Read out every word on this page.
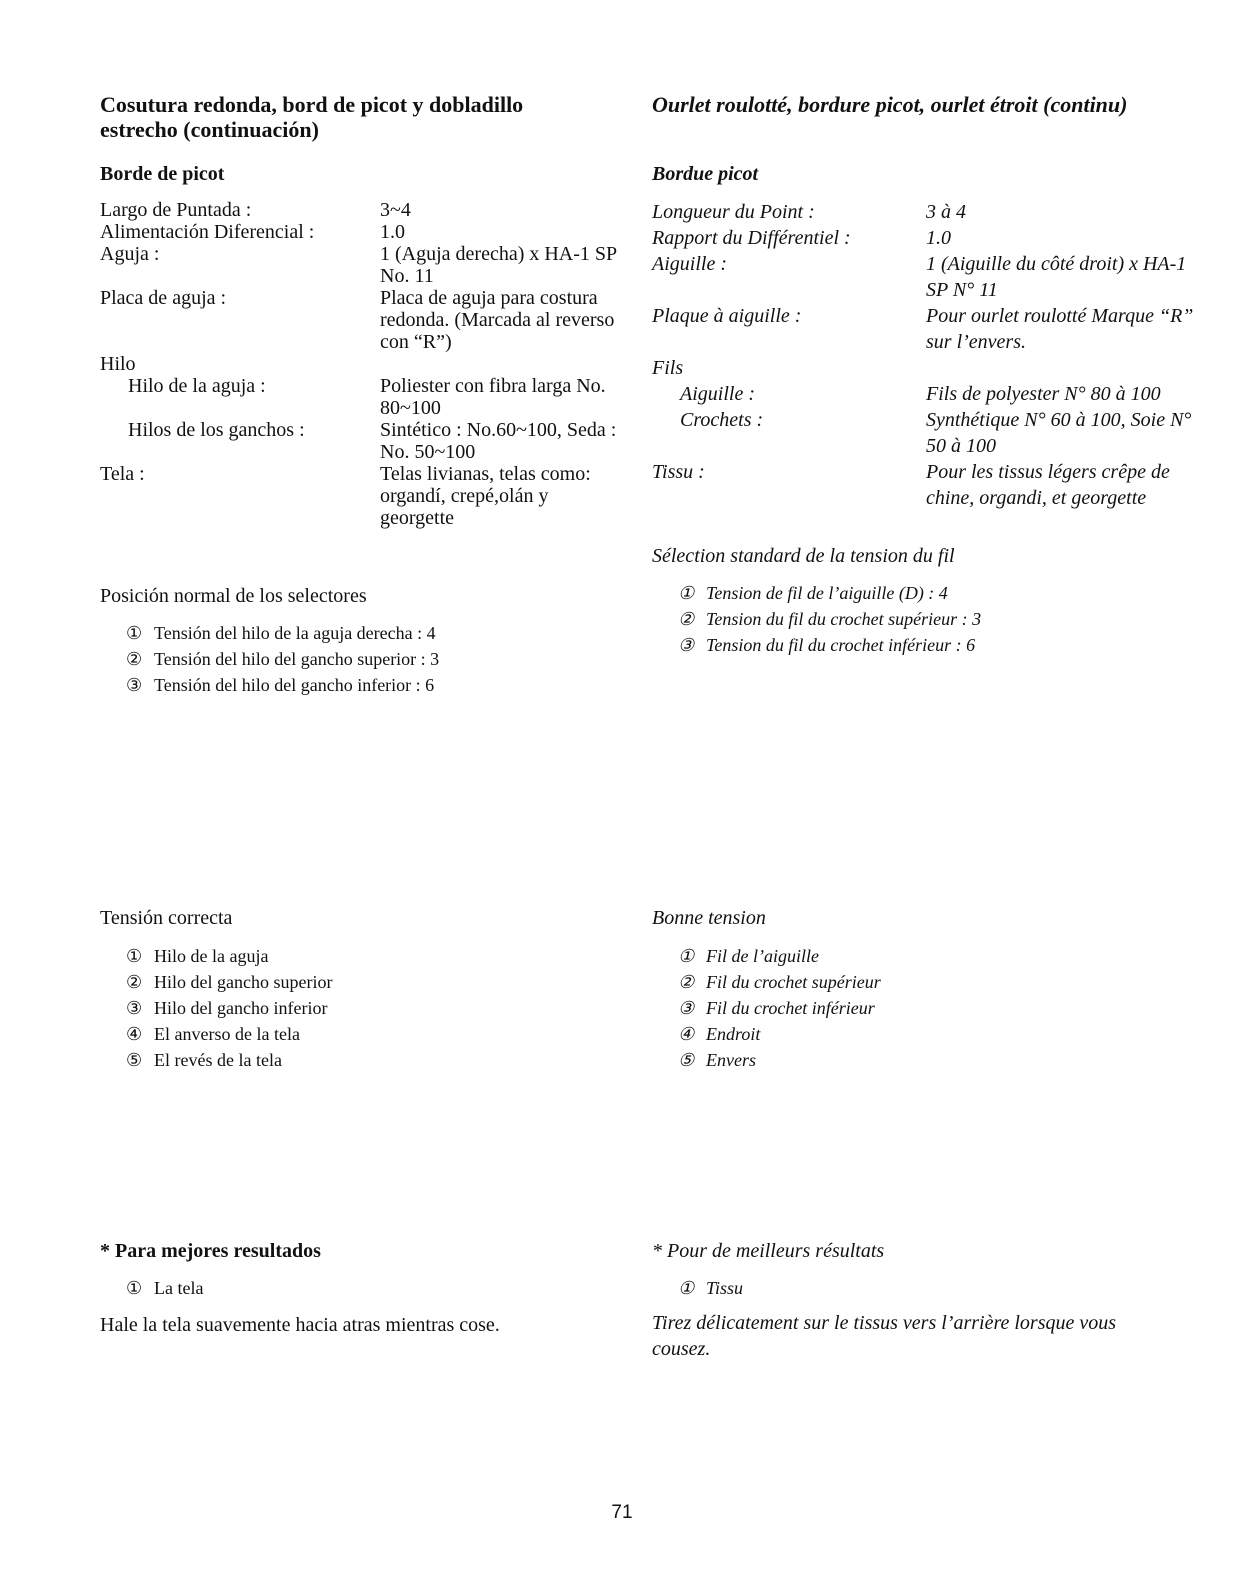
Cosutura redonda, bord de picot y dobladillo estrecho (continuación)
Borde de picot
Largo de Puntada :	3~4
Alimentación Diferencial :	1.0
Aguja :	1 (Aguja derecha) x HA-1 SP No. 11
Placa de aguja :	Placa de aguja para costura redonda. (Marcada al reverso con “R”)
Hilo	
Hilo de la aguja :	Poliester con fibra larga No. 80~100
Hilos de los ganchos :	Sintético : No.60~100, Seda : No. 50~100
Tela :	Telas livianas, telas como: organdí, crepé,olán y georgette
Posición normal de los selectores
① Tensión del hilo de la aguja derecha : 4
② Tensión del hilo del gancho superior : 3
③ Tensión del hilo del gancho inferior : 6
Tensión correcta
① Hilo de la aguja
② Hilo del gancho superior
③ Hilo del gancho inferior
④ El anverso de la tela
⑤ El revés de la tela
* Para mejores resultados
① La tela
Hale la tela suavemente hacia atras mientras cose.
Ourlet roulotté, bordure picot, ourlet étroit (continu)
Bordue picot
Longueur du Point :	3 à 4
Rapport du Différentiel :	1.0
Aiguille :	1 (Aiguille du côté droit) x HA-1 SP N° 11
Plaque à aiguille :	Pour ourlet roulotté Marque “R” sur l’envers.
Fils	
Aiguille :	Fils de polyester N° 80 à 100
Crochets :	Synthétique N° 60 à 100, Soie N° 50 à 100
Tissu :	Pour les tissus légers crêpe de chine, organdi, et georgette
Sélection standard de la tension du fil
① Tension de fil de l’aiguille (D) : 4
② Tension du fil du crochet supérieur : 3
③ Tension du fil du crochet inférieur : 6
Bonne tension
① Fil de l’aiguille
② Fil du crochet supérieur
③ Fil du crochet inférieur
④ Endroit
⑤ Envers
* Pour de meilleurs résultats
① Tissu
Tirez délicatement sur le tissus vers l’arrière lorsque vous cousez.
71
